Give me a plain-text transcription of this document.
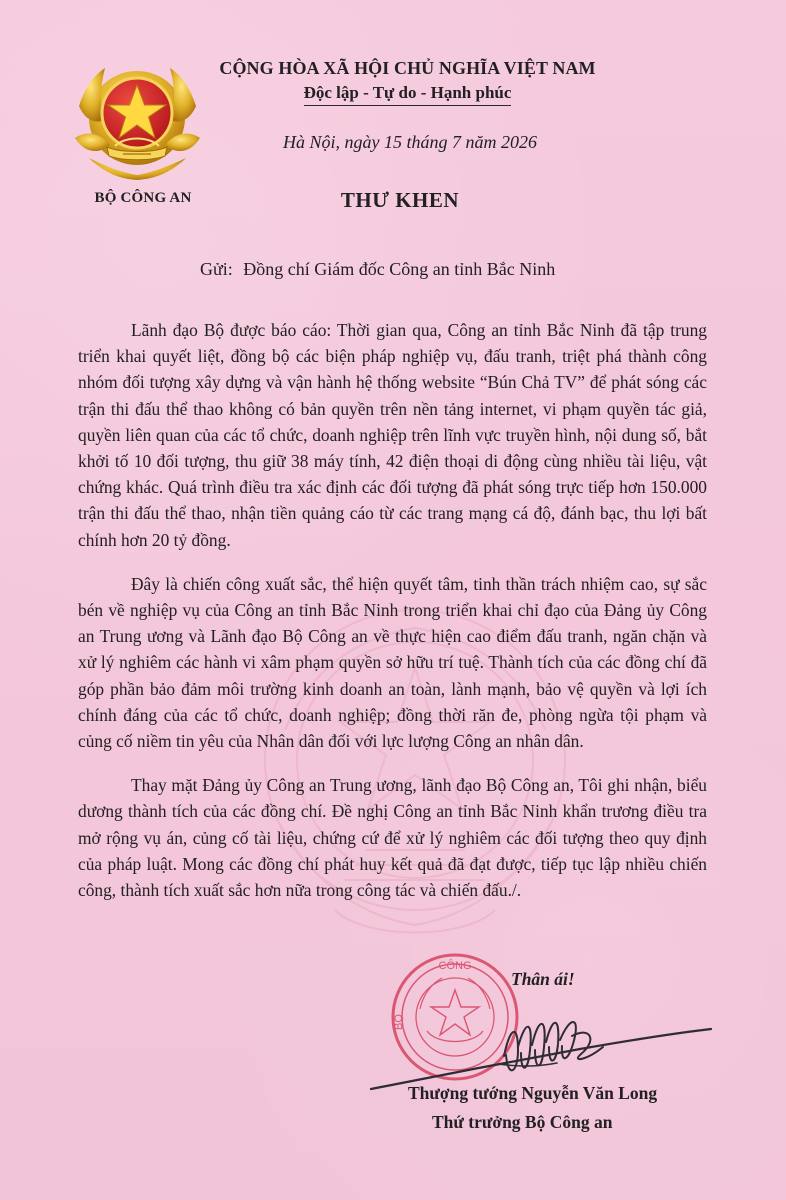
BỘ CÔNG AN
CỘNG HÒA XÃ HỘI CHỦ NGHĨA VIỆT NAM
Độc lập - Tự do - Hạnh phúc
Hà Nội, ngày 15 tháng 7 năm 2026
THƯ KHEN
Gửi: Đồng chí Giám đốc Công an tỉnh Bắc Ninh

Lãnh đạo Bộ được báo cáo: Thời gian qua, Công an tỉnh Bắc Ninh đã tập trung triển khai quyết liệt, đồng bộ các biện pháp nghiệp vụ, đấu tranh, triệt phá thành công nhóm đối tượng xây dựng và vận hành hệ thống website “Bún Chả TV” để phát sóng các trận thi đấu thể thao không có bản quyền trên nền tảng internet, vi phạm quyền tác giả, quyền liên quan của các tổ chức, doanh nghiệp trên lĩnh vực truyền hình, nội dung số, bắt khởi tố 10 đối tượng, thu giữ 38 máy tính, 42 điện thoại di động cùng nhiều tài liệu, vật chứng khác. Quá trình điều tra xác định các đối tượng đã phát sóng trực tiếp hơn 150.000 trận thi đấu thể thao, nhận tiền quảng cáo từ các trang mạng cá độ, đánh bạc, thu lợi bất chính hơn 20 tỷ đồng.

Đây là chiến công xuất sắc, thể hiện quyết tâm, tinh thần trách nhiệm cao, sự sắc bén về nghiệp vụ của Công an tỉnh Bắc Ninh trong triển khai chỉ đạo của Đảng ủy Công an Trung ương và Lãnh đạo Bộ Công an về thực hiện cao điểm đấu tranh, ngăn chặn và xử lý nghiêm các hành vi xâm phạm quyền sở hữu trí tuệ. Thành tích của các đồng chí đã góp phần bảo đảm môi trường kinh doanh an toàn, lành mạnh, bảo vệ quyền và lợi ích chính đáng của các tổ chức, doanh nghiệp; đồng thời răn đe, phòng ngừa tội phạm và củng cố niềm tin yêu của Nhân dân đối với lực lượng Công an nhân dân.

Thay mặt Đảng ủy Công an Trung ương, lãnh đạo Bộ Công an, Tôi ghi nhận, biểu dương thành tích của các đồng chí. Đề nghị Công an tỉnh Bắc Ninh khẩn trương điều tra mở rộng vụ án, củng cố tài liệu, chứng cứ để xử lý nghiêm các đối tượng theo quy định của pháp luật. Mong các đồng chí phát huy kết quả đã đạt được, tiếp tục lập nhiều chiến công, thành tích xuất sắc hơn nữa trong công tác và chiến đấu./.

CÔNG
BỘ
Thân ái!
Thượng tướng Nguyễn Văn Long
Thứ trưởng Bộ Công an
